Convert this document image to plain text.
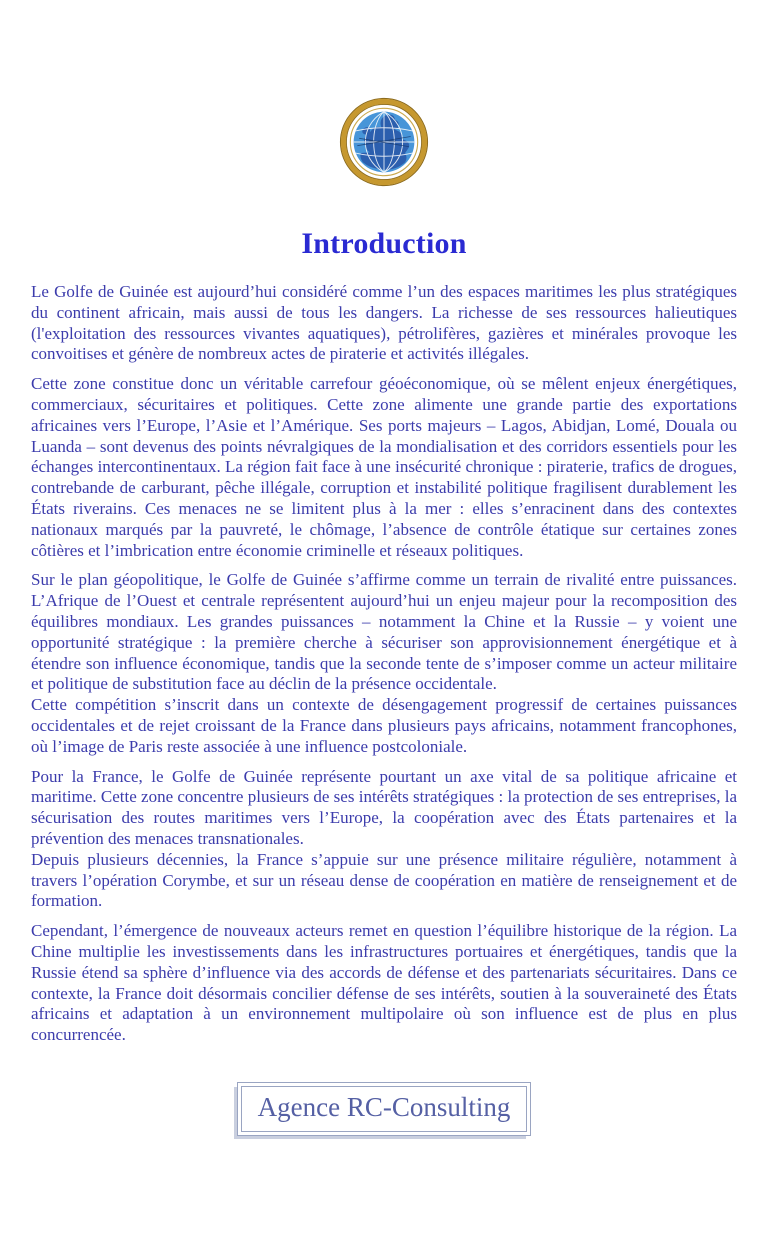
Introduction

Le Golfe de Guinée est aujourd’hui considéré comme l’un des espaces maritimes les plus stratégiques du continent africain, mais aussi de tous les dangers. La richesse de ses ressources halieutiques (l'exploitation des ressources vivantes aquatiques), pétrolifères, gazières et minérales provoque les convoitises et génère de nombreux actes de piraterie et activités illégales.

Cette zone constitue donc un véritable carrefour géoéconomique, où se mêlent enjeux énergétiques, commerciaux, sécuritaires et politiques. Cette zone alimente une grande partie des exportations africaines vers l’Europe, l’Asie et l’Amérique. Ses ports majeurs – Lagos, Abidjan, Lomé, Douala ou Luanda – sont devenus des points névralgiques de la mondialisation et des corridors essentiels pour les échanges intercontinentaux. La région fait face à une insécurité chronique : piraterie, trafics de drogues, contrebande de carburant, pêche illégale, corruption et instabilité politique fragilisent durablement les États riverains. Ces menaces ne se limitent plus à la mer : elles s’enracinent dans des contextes nationaux marqués par la pauvreté, le chômage, l’absence de contrôle étatique sur certaines zones côtières et l’imbrication entre économie criminelle et réseaux politiques.

Sur le plan géopolitique, le Golfe de Guinée s’affirme comme un terrain de rivalité entre puissances. L’Afrique de l’Ouest et centrale représentent aujourd’hui un enjeu majeur pour la recomposition des équilibres mondiaux. Les grandes puissances – notamment la Chine et la Russie – y voient une opportunité stratégique : la première cherche à sécuriser son approvisionnement énergétique et à étendre son influence économique, tandis que la seconde tente de s’imposer comme un acteur militaire et politique de substitution face au déclin de la présence occidentale.
Cette compétition s’inscrit dans un contexte de désengagement progressif de certaines puissances occidentales et de rejet croissant de la France dans plusieurs pays africains, notamment francophones, où l’image de Paris reste associée à une influence postcoloniale.

Pour la France, le Golfe de Guinée représente pourtant un axe vital de sa politique africaine et maritime. Cette zone concentre plusieurs de ses intérêts stratégiques : la protection de ses entreprises, la sécurisation des routes maritimes vers l’Europe, la coopération avec des États partenaires et la prévention des menaces transnationales.
Depuis plusieurs décennies, la France s’appuie sur une présence militaire régulière, notamment à travers l’opération Corymbe, et sur un réseau dense de coopération en matière de renseignement et de formation.

Cependant, l’émergence de nouveaux acteurs remet en question l’équilibre historique de la région. La Chine multiplie les investissements dans les infrastructures portuaires et énergétiques, tandis que la Russie étend sa sphère d’influence via des accords de défense et des partenariats sécuritaires. Dans ce contexte, la France doit désormais concilier défense de ses intérêts, soutien à la souveraineté des États africains et adaptation à un environnement multipolaire où son influence est de plus en plus concurrencée.

Agence RC-Consulting
